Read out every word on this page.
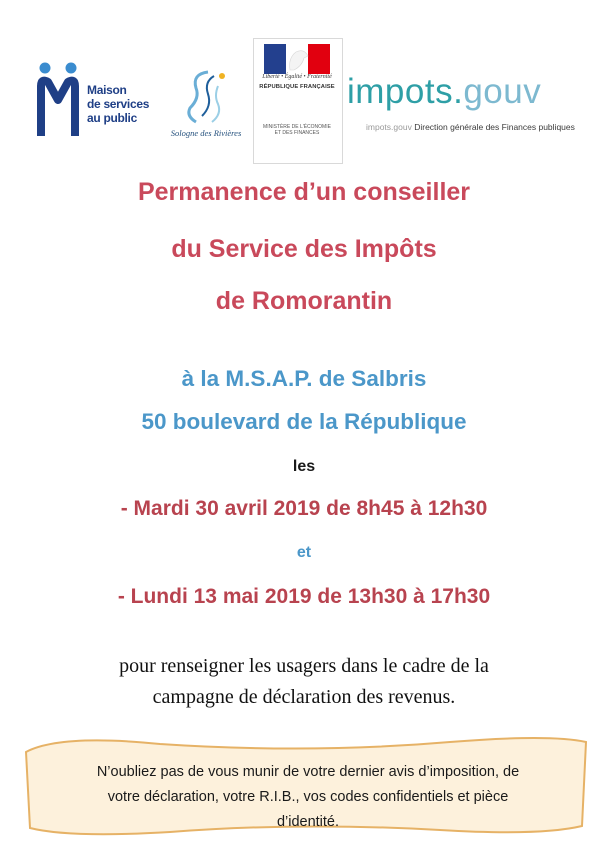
Maison
de services
au public
Sologne des Rivières
Liberté • Égalité • Fraternité
RÉPUBLIQUE FRANÇAISE
MINISTÈRE DE L'ÉCONOMIE
ET DES FINANCES
impots.gouv
impots.gouv Direction générale des Finances publiques
Permanence d’un conseiller
du Service des Impôts
de Romorantin
à la M.S.A.P. de Salbris
50 boulevard de la République
les
- Mardi 30 avril 2019 de 8h45 à 12h30
et
- Lundi 13 mai 2019 de 13h30 à 17h30
pour renseigner les usagers dans le cadre de la
campagne de déclaration des revenus.
N’oubliez pas de vous munir de votre dernier avis d’imposition, de
votre déclaration, votre R.I.B., vos codes confidentiels et pièce
d’identité.
